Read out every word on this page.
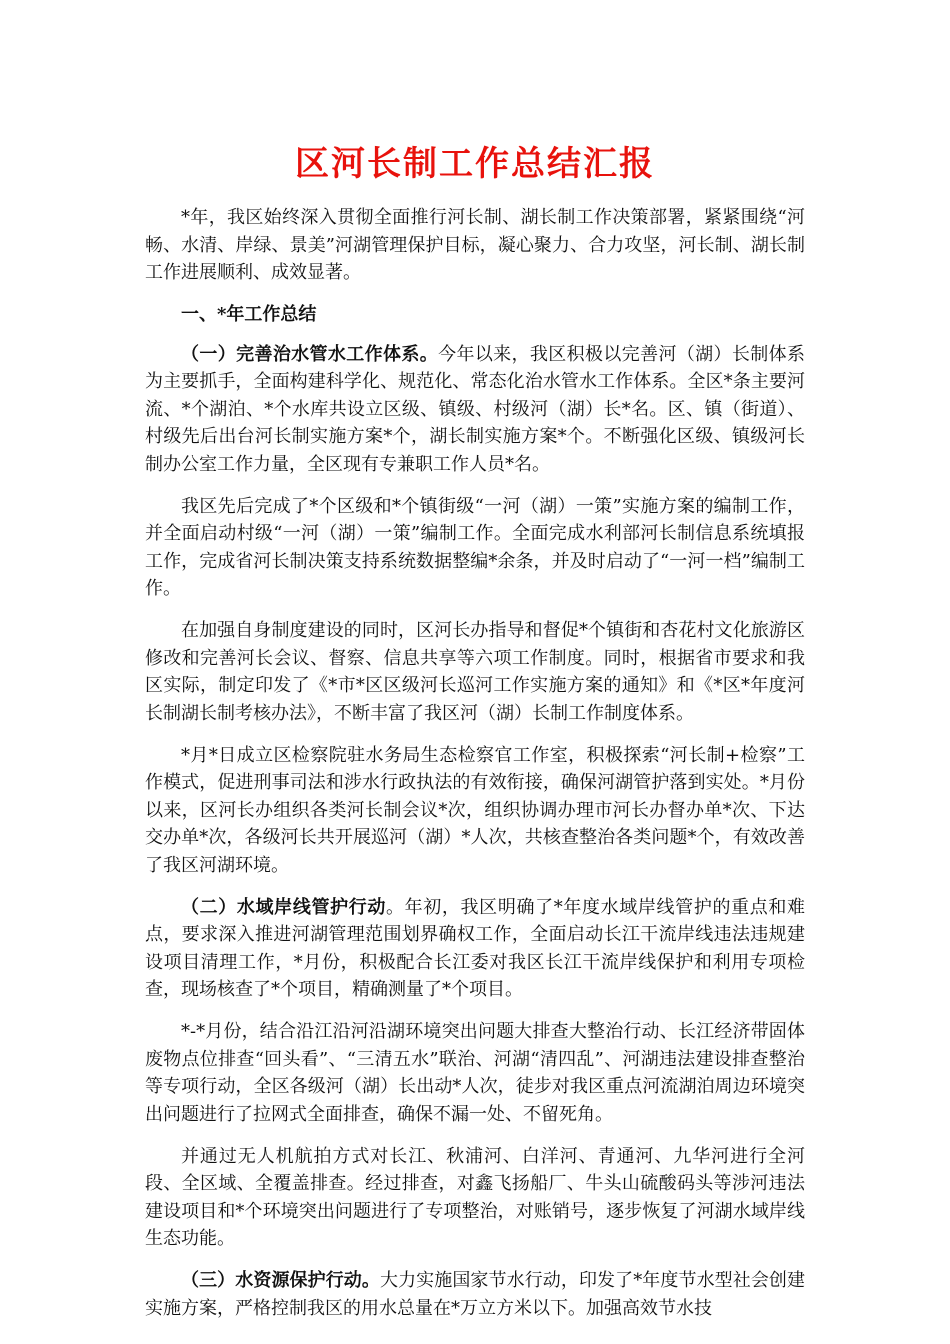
区河长制工作总结汇报

*年，我区始终深入贯彻全面推行河长制、湖长制工作决策部署，紧紧围绕“河畅、水清、岸绿、景美”河湖管理保护目标，凝心聚力、合力攻坚，河长制、湖长制工作进展顺利、成效显著。

一、*年工作总结

（一）完善治水管水工作体系。今年以来，我区积极以完善河（湖）长制体系为主要抓手，全面构建科学化、规范化、常态化治水管水工作体系。全区*条主要河流、*个湖泊、*个水库共设立区级、镇级、村级河（湖）长*名。区、镇（街道）、村级先后出台河长制实施方案*个，湖长制实施方案*个。不断强化区级、镇级河长制办公室工作力量，全区现有专兼职工作人员*名。

我区先后完成了*个区级和*个镇街级“一河（湖）一策”实施方案的编制工作，并全面启动村级“一河（湖）一策”编制工作。全面完成水利部河长制信息系统填报工作，完成省河长制决策支持系统数据整编*余条，并及时启动了“一河一档”编制工作。

在加强自身制度建设的同时，区河长办指导和督促*个镇街和杏花村文化旅游区修改和完善河长会议、督察、信息共享等六项工作制度。同时，根据省市要求和我区实际，制定印发了《*市*区区级河长巡河工作实施方案的通知》和《*区*年度河长制湖长制考核办法》，不断丰富了我区河（湖）长制工作制度体系。

*月*日成立区检察院驻水务局生态检察官工作室，积极探索“河长制+检察”工作模式，促进刑事司法和涉水行政执法的有效衔接，确保河湖管护落到实处。*月份以来，区河长办组织各类河长制会议*次，组织协调办理市河长办督办单*次、下达交办单*次，各级河长共开展巡河（湖）*人次，共核查整治各类问题*个，有效改善了我区河湖环境。

（二）水域岸线管护行动。年初，我区明确了*年度水域岸线管护的重点和难点，要求深入推进河湖管理范围划界确权工作，全面启动长江干流岸线违法违规建设项目清理工作，*月份，积极配合长江委对我区长江干流岸线保护和利用专项检查，现场核查了*个项目，精确测量了*个项目。

*-*月份，结合沿江沿河沿湖环境突出问题大排查大整治行动、长江经济带固体废物点位排查“回头看”、“三清五水”联治、河湖“清四乱”、河湖违法建设排查整治等专项行动，全区各级河（湖）长出动*人次，徒步对我区重点河流湖泊周边环境突出问题进行了拉网式全面排查，确保不漏一处、不留死角。

并通过无人机航拍方式对长江、秋浦河、白洋河、青通河、九华河进行全河段、全区域、全覆盖排查。经过排查，对鑫飞扬船厂、牛头山硫酸码头等涉河违法建设项目和*个环境突出问题进行了专项整治，对账销号，逐步恢复了河湖水域岸线生态功能。

（三）水资源保护行动。大力实施国家节水行动，印发了*年度节水型社会创建实施方案，严格控制我区的用水总量在*万立方米以下。加强高效节水技
